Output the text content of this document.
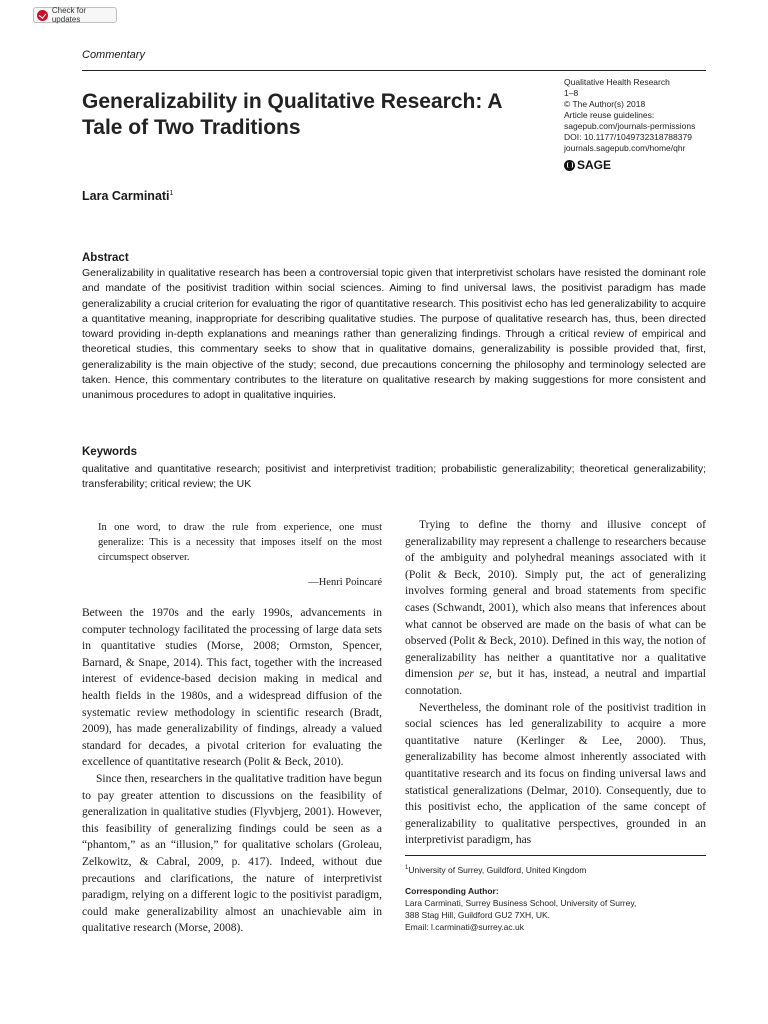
Check for updates
Commentary
Generalizability in Qualitative Research: A Tale of Two Traditions
Qualitative Health Research
1–8
© The Author(s) 2018
Article reuse guidelines:
sagepub.com/journals-permissions
DOI: 10.1177/1049732318788379
journals.sagepub.com/home/qhr
SAGE
Lara Carminati$^1$
Abstract
Generalizability in qualitative research has been a controversial topic given that interpretivist scholars have resisted the dominant role and mandate of the positivist tradition within social sciences. Aiming to find universal laws, the positivist paradigm has made generalizability a crucial criterion for evaluating the rigor of quantitative research. This positivist echo has led generalizability to acquire a quantitative meaning, inappropriate for describing qualitative studies. The purpose of qualitative research has, thus, been directed toward providing in-depth explanations and meanings rather than generalizing findings. Through a critical review of empirical and theoretical studies, this commentary seeks to show that in qualitative domains, generalizability is possible provided that, first, generalizability is the main objective of the study; second, due precautions concerning the philosophy and terminology selected are taken. Hence, this commentary contributes to the literature on qualitative research by making suggestions for more consistent and unanimous procedures to adopt in qualitative inquiries.
Keywords
qualitative and quantitative research; positivist and interpretivist tradition; probabilistic generalizability; theoretical generalizability; transferability; critical review; the UK
In one word, to draw the rule from experience, one must generalize: This is a necessity that imposes itself on the most circumspect observer.
—Henri Poincaré

Between the 1970s and the early 1990s, advancements in computer technology facilitated the processing of large data sets in quantitative studies (Morse, 2008; Ormston, Spencer, Barnard, & Snape, 2014). This fact, together with the increased interest of evidence-based decision making in medical and health fields in the 1980s, and a widespread diffusion of the systematic review methodology in scientific research (Bradt, 2009), has made generalizability of findings, already a valued standard for decades, a pivotal criterion for evaluating the excellence of quantitative research (Polit & Beck, 2010).

Since then, researchers in the qualitative tradition have begun to pay greater attention to discussions on the feasibility of generalization in qualitative studies (Flyvbjerg, 2001). However, this feasibility of generalizing findings could be seen as a “phantom,” as an “illusion,” for qualitative scholars (Groleau, Zelkowitz, & Cabral, 2009, p. 417). Indeed, without due precautions and clarifications, the nature of interpretivist paradigm, relying on a different logic to the positivist paradigm, could make generalizability almost an unachievable aim in qualitative research (Morse, 2008).

Trying to define the thorny and illusive concept of generalizability may represent a challenge to researchers because of the ambiguity and polyhedral meanings associated with it (Polit & Beck, 2010). Simply put, the act of generalizing involves forming general and broad statements from specific cases (Schwandt, 2001), which also means that inferences about what cannot be observed are made on the basis of what can be observed (Polit & Beck, 2010). Defined in this way, the notion of generalizability has neither a quantitative nor a qualitative dimension per se, but it has, instead, a neutral and impartial connotation.

Nevertheless, the dominant role of the positivist tradition in social sciences has led generalizability to acquire a more quantitative nature (Kerlinger & Lee, 2000). Thus, generalizability has become almost inherently associated with quantitative research and its focus on finding universal laws and statistical generalizations (Delmar, 2010). Consequently, due to this positivist echo, the application of the same concept of generalizability to qualitative perspectives, grounded in an interpretivist paradigm, has

$^1$University of Surrey, Guildford, United Kingdom
Corresponding Author:
Lara Carminati, Surrey Business School, University of Surrey,
388 Stag Hill, Guildford GU2 7XH, UK.
Email: l.carminati@surrey.ac.uk
